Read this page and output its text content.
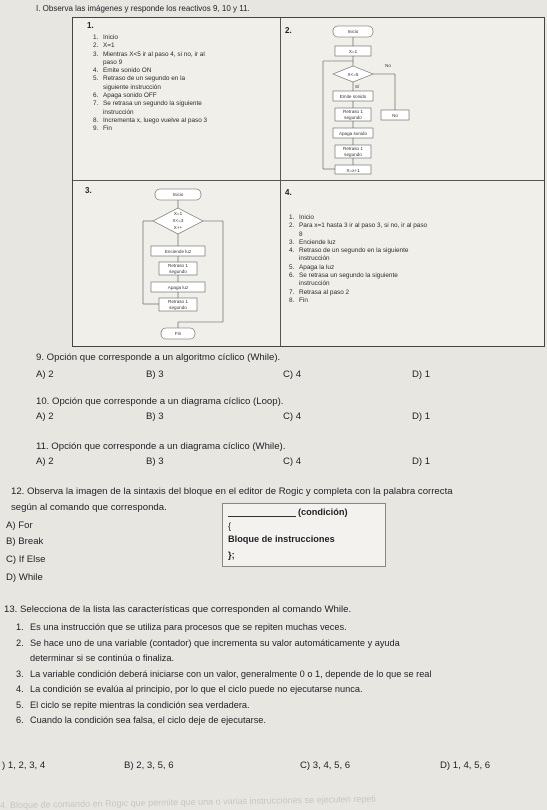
I. Observa las imágenes y responde los reactivos 9, 10 y 11.
1.
1. Inicio
2. X=1
3. Mientras X<5 ir al paso 4, si no, ir al
paso 9
4. Emite sonido ON
5. Retraso de un segundo en la
siguiente instrucción
6. Apaga sonido OFF
7. Se retrasa un segundo la siguiente
instrucción
8. Incrementa x, luego vuelve al paso 3
9. Fin
2.	Inicio
X=1
X<=5
No
Sí
Emite sonido
Retraso 1
segundo	No
Apaga sonido
Retraso 1
segundo
X=x+1
3.	Inicio
X=1
X<=3
X++
Enciende luz
Retraso 1
segundo
Apaga luz
Retraso 1
segundo
Fin
4.
1. Inicio
2. Para x=1 hasta 3 ir al paso 3, si no, ir al paso
8
3. Enciende luz
4. Retraso de un segundo en la siguiente
instrucción
5. Apaga la luz
6. Se retrasa un segundo la siguiente
instrucción
7. Retrasa al paso 2
8. Fin
9. Opción que corresponde a un algoritmo cíclico (While).
A) 2	B) 3	C) 4	D) 1
10. Opción que corresponde a un diagrama cíclico (Loop).
A) 2	B) 3	C) 4	D) 1
11. Opción que corresponde a un diagrama cíclico (While).
A) 2	B) 3	C) 4	D) 1
12. Observa la imagen de la sintaxis del bloque en el editor de Rogic y completa con la palabra correcta
según al comando que corresponda.
A) For
B) Break
C) If Else
D) While
(condición)
{
Bloque de instrucciones
};
13. Selecciona de la lista las características que corresponden al comando While.
1. Es una instrucción que se utiliza para procesos que se repiten muchas veces.
2. Se hace uno de una variable (contador) que incrementa su valor automáticamente y ayuda
determinar si se continúa o finaliza.
3. La variable condición deberá iniciarse con un valor, generalmente 0 o 1, depende de lo que se real
4. La condición se evalúa al principio, por lo que el ciclo puede no ejecutarse nunca.
5. El ciclo se repite mientras la condición sea verdadera.
6. Cuando la condición sea falsa, el ciclo deje de ejecutarse.
) 1, 2, 3, 4	B) 2, 3, 5, 6	C) 3, 4, 5, 6	D) 1, 4, 5, 6
4. Bloque de comando en Rogic que permite que una o varias instrucciones se ejecuten repeti
